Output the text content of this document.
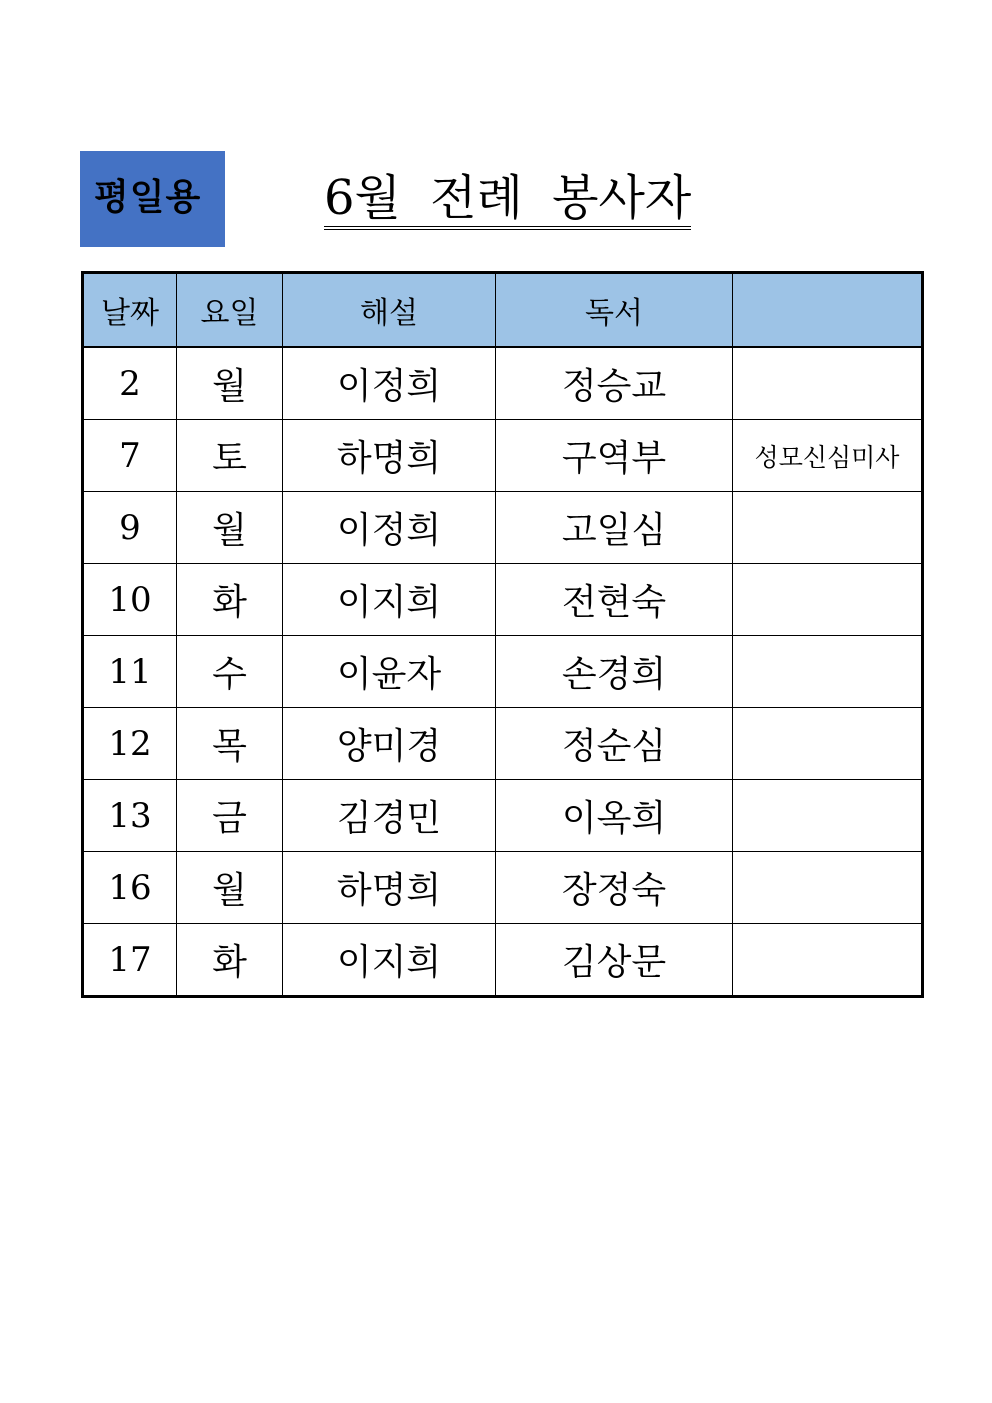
평일용	6월 전례 봉사자
날짜	요일	해설	독서	
2	월	이정희	정승교	
7	토	하명희	구역부	성모신심미사
9	월	이정희	고일심	
10	화	이지희	전현숙	
11	수	이윤자	손경희	
12	목	양미경	정순심	
13	금	김경민	이옥희	
16	월	하명희	장정숙	
17	화	이지희	김상문	
